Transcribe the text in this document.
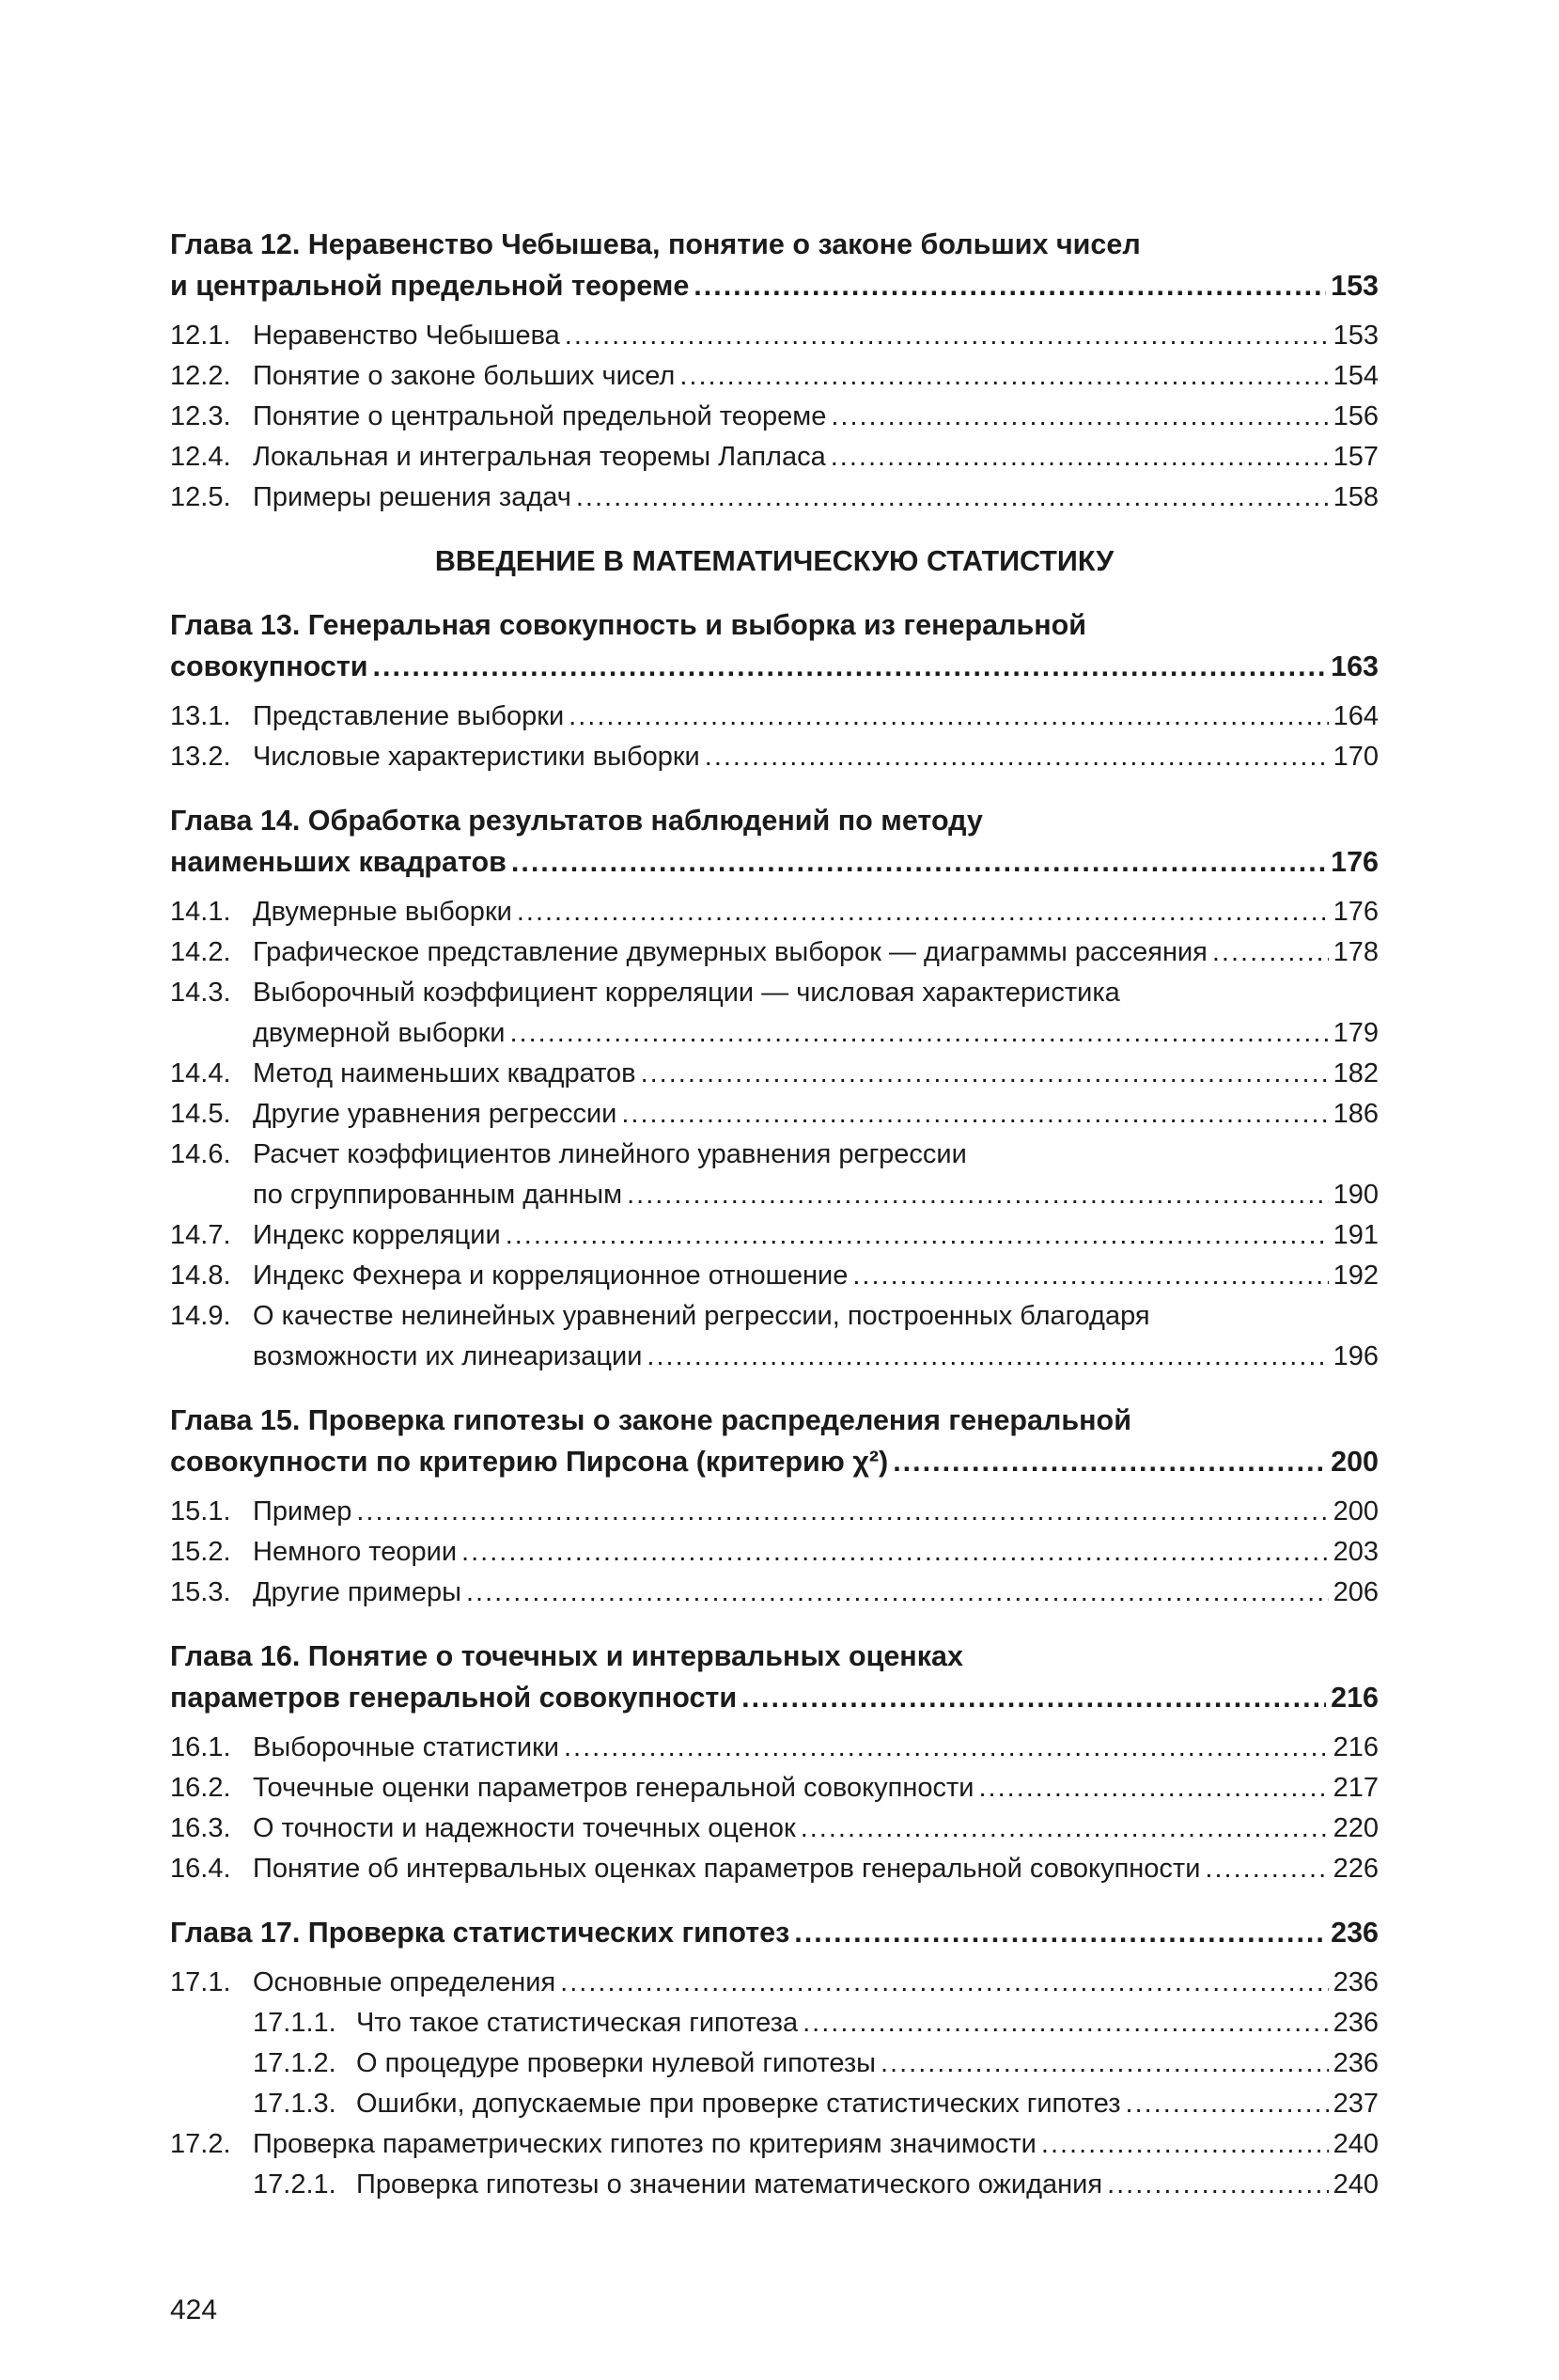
Глава 12. Неравенство Чебышева, понятие о законе больших чисел
и центральной предельной теореме .....	153
12.1. Неравенство Чебышева .....	153
12.2. Понятие о законе больших чисел .....	154
12.3. Понятие о центральной предельной теореме .....	156
12.4. Локальная и интегральная теоремы Лапласа .....	157
12.5. Примеры решения задач .....	158
ВВЕДЕНИЕ В МАТЕМАТИЧЕСКУЮ СТАТИСТИКУ
Глава 13. Генеральная совокупность и выборка из генеральной
совокупности .....	163
13.1. Представление выборки .....	164
13.2. Числовые характеристики выборки .....	170
Глава 14. Обработка результатов наблюдений по методу
наименьших квадратов .....	176
14.1. Двумерные выборки .....	176
14.2. Графическое представление двумерных выборок — диаграммы рассеяния .....	178
14.3. Выборочный коэффициент корреляции — числовая характеристика
двумерной выборки .....	179
14.4. Метод наименьших квадратов .....	182
14.5. Другие уравнения регрессии .....	186
14.6. Расчет коэффициентов линейного уравнения регрессии
по сгруппированным данным .....	190
14.7. Индекс корреляции .....	191
14.8. Индекс Фехнера и корреляционное отношение .....	192
14.9. О качестве нелинейных уравнений регрессии, построенных благодаря
возможности их линеаризации .....	196
Глава 15. Проверка гипотезы о законе распределения генеральной
совокупности по критерию Пирсона (критерию χ²) .....	200
15.1. Пример .....	200
15.2. Немного теории .....	203
15.3. Другие примеры .....	206
Глава 16. Понятие о точечных и интервальных оценках
параметров генеральной совокупности .....	216
16.1. Выборочные статистики .....	216
16.2. Точечные оценки параметров генеральной совокупности .....	217
16.3. О точности и надежности точечных оценок .....	220
16.4. Понятие об интервальных оценках параметров генеральной совокупности .....	226
Глава 17. Проверка статистических гипотез .....	236
17.1. Основные определения .....	236
17.1.1. Что такое статистическая гипотеза .....	236
17.1.2. О процедуре проверки нулевой гипотезы .....	236
17.1.3. Ошибки, допускаемые при проверке статистических гипотез .....	237
17.2. Проверка параметрических гипотез по критериям значимости .....	240
17.2.1. Проверка гипотезы о значении математического ожидания .....	240
424
